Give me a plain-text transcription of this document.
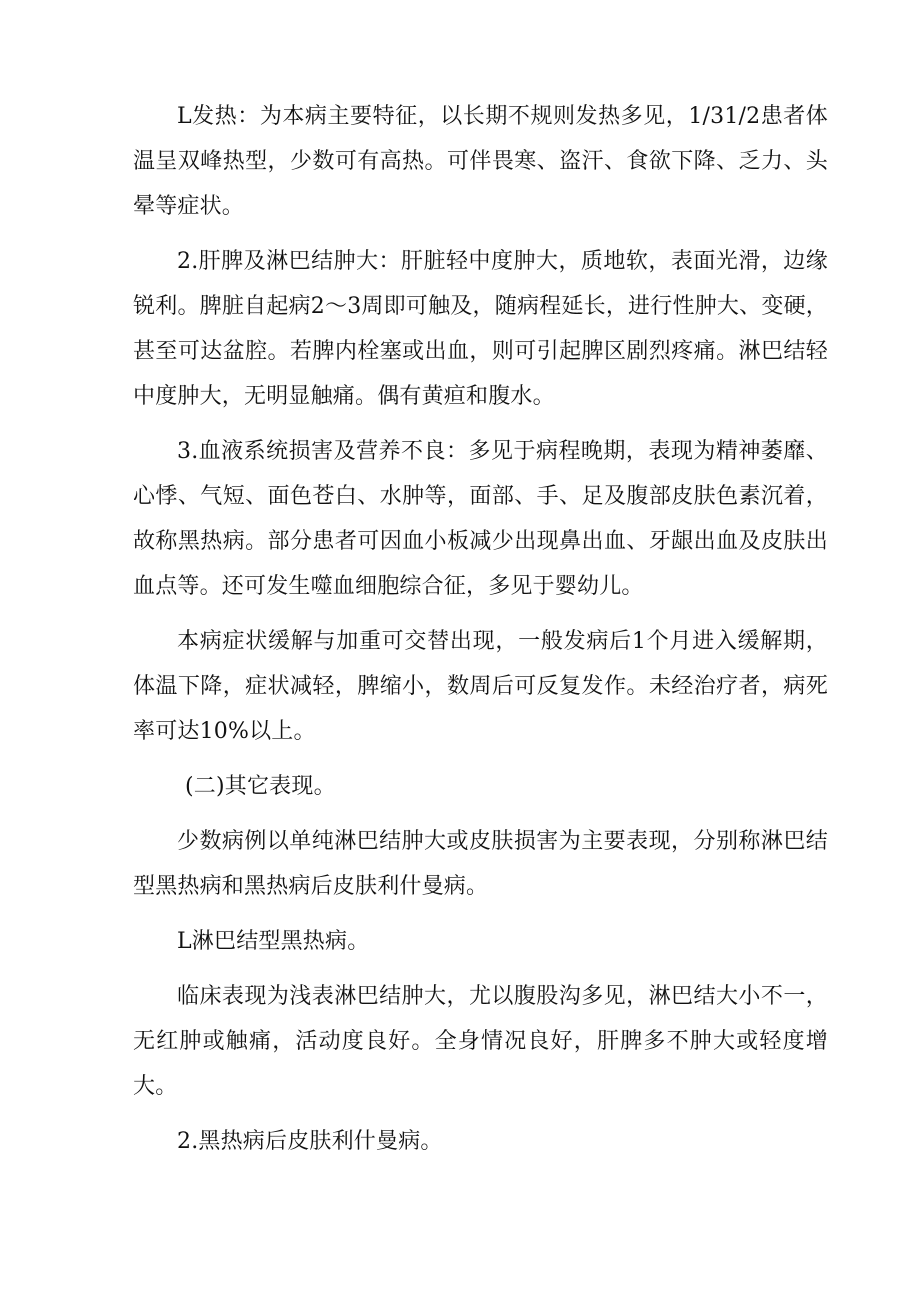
L发热：为本病主要特征，以长期不规则发热多见，1/31/2患者体温呈双峰热型，少数可有高热。可伴畏寒、盗汗、食欲下降、乏力、头晕等症状。

2.肝脾及淋巴结肿大：肝脏轻中度肿大，质地软，表面光滑，边缘锐利。脾脏自起病2～3周即可触及，随病程延长，进行性肿大、变硬，甚至可达盆腔。若脾内栓塞或出血，则可引起脾区剧烈疼痛。淋巴结轻中度肿大，无明显触痛。偶有黄疸和腹水。

3.血液系统损害及营养不良：多见于病程晚期，表现为精神萎靡、心悸、气短、面色苍白、水肿等，面部、手、足及腹部皮肤色素沉着，故称黑热病。部分患者可因血小板减少出现鼻出血、牙龈出血及皮肤出血点等。还可发生噬血细胞综合征，多见于婴幼儿。

本病症状缓解与加重可交替出现，一般发病后1个月进入缓解期，体温下降，症状减轻，脾缩小，数周后可反复发作。未经治疗者，病死率可达10%以上。

(二)其它表现。

少数病例以单纯淋巴结肿大或皮肤损害为主要表现，分别称淋巴结型黑热病和黑热病后皮肤利什曼病。

L淋巴结型黑热病。

临床表现为浅表淋巴结肿大，尤以腹股沟多见，淋巴结大小不一，无红肿或触痛，活动度良好。全身情况良好，肝脾多不肿大或轻度增大。

2.黑热病后皮肤利什曼病。
